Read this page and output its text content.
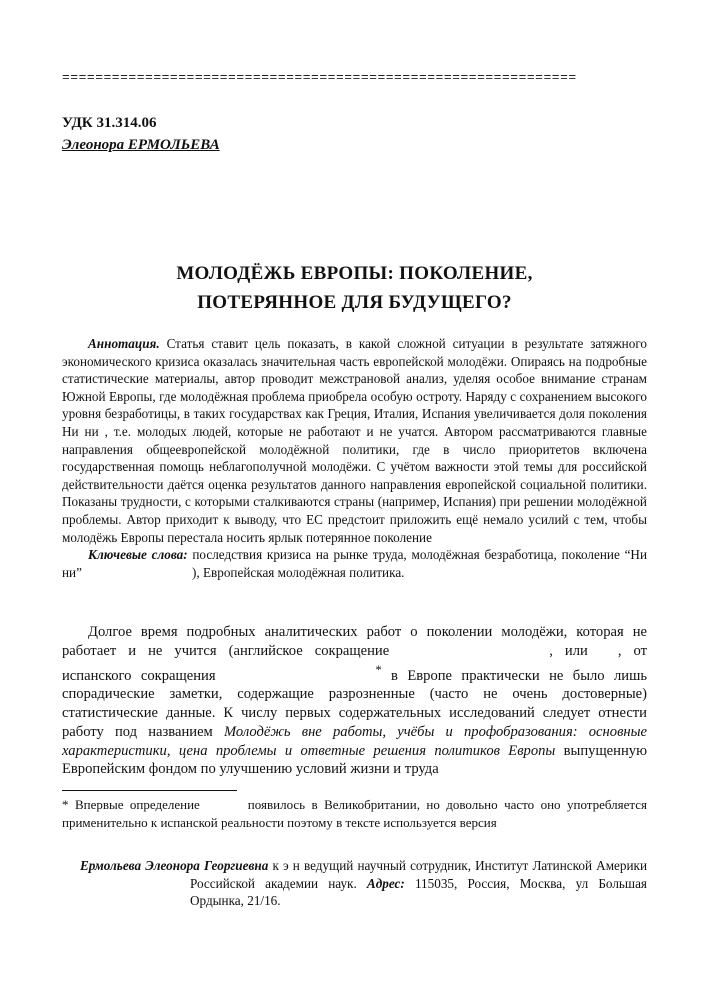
==============================================================
УДК 31.314.06
Элеонора ЕРМОЛЬЕВА
МОЛОДЁЖЬ ЕВРОПЫ: ПОКОЛЕНИЕ,
ПОТЕРЯННОЕ ДЛЯ БУДУЩЕГО?

Аннотация. Статья ставит цель показать, в какой сложной ситуации в результате затяжного экономического кризиса оказалась значительная часть европейской молодёжи. Опираясь на подробные статистические материалы, автор проводит межстрановой анализ, уделяя особое внимание странам Южной Европы, где молодёжная проблема приобрела особую остроту. Наряду с сохранением высокого уровня безработицы, в таких государствах как Греция, Италия, Испания увеличивается доля поколения Ни ни , т.е. молодых людей, которые не работают и не учатся. Автором рассматриваются главные направления общеевропейской молодёжной политики, где в число приоритетов включена государственная помощь неблагополучной молодёжи. С учётом важности этой темы для российской действительности даётся оценка результатов данного направления европейской социальной политики. Показаны трудности, с которыми сталкиваются страны (например, Испания) при решении молодёжной проблемы. Автор приходит к выводу, что ЕС предстоит приложить ещё немало усилий с тем, чтобы молодёжь Европы перестала носить ярлык потерянное поколение

Ключевые слова: последствия кризиса на рынке труда, молодёжная безработица, поколение “Ни ни”	), Европейская молодёжная политика.

Долгое время подробных аналитических работ о поколении молодёжи, которая не работает и не учится (английское сокращение	, или , от испанского сокращения	* в Европе практически не было лишь спорадические заметки, содержащие разрозненные (часто не очень достоверные) статистические данные. К числу первых содержательных исследований следует отнести работу под названием Молодёжь вне работы, учёбы и профобразования: основные характеристики, цена проблемы и ответные решения политиков Европы выпущенную Европейским фондом по улучшению условий жизни и труда

* Впервые определение	появилось в Великобритании, но довольно часто оно употребляется применительно к испанской реальности поэтому в тексте используется версия

Ермольева Элеонора Георгиевна к э н ведущий научный сотрудник, Институт Латинской Америки Российской академии наук. Адрес: 115035, Россия, Москва, ул Большая Ордынка, 21/16.
